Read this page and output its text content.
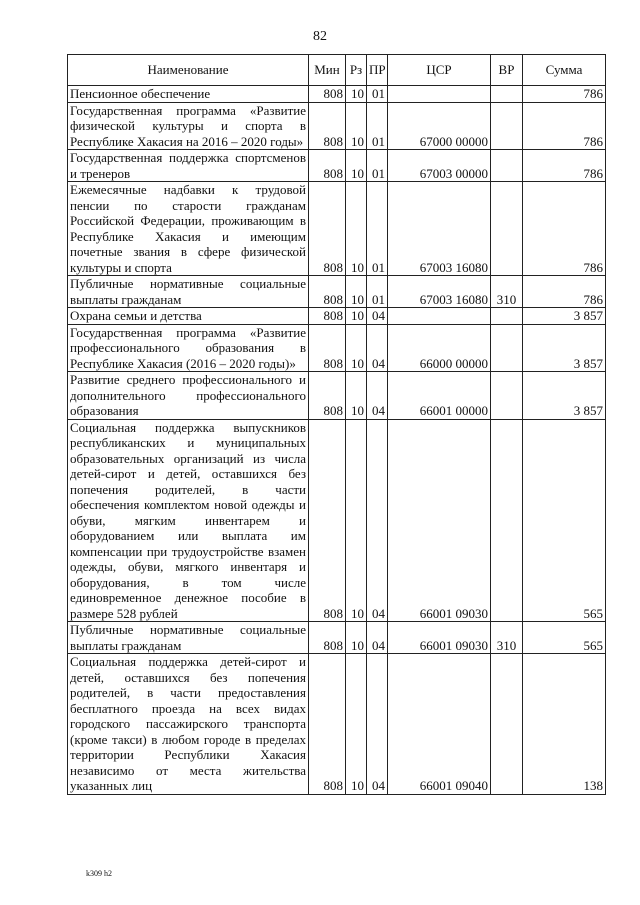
82
Наименование	Мин	Рз	ПР	ЦСР	ВР	Сумма
Пенсионное обеспечение	808	10	01			786
Государственная программа «Развитие физической культуры и спорта в Республике Хакасия на 2016 – 2020 годы»	808	10	01	67000 00000		786
Государственная поддержка спортсменов и тренеров	808	10	01	67003 00000		786
Ежемесячные надбавки к трудовой пенсии по старости гражданам Российской Федерации, проживающим в Республике Хакасия и имеющим почетные звания в сфере физической культуры и спорта	808	10	01	67003 16080		786
Публичные нормативные социальные выплаты гражданам	808	10	01	67003 16080	310	786
Охрана семьи и детства	808	10	04			3 857
Государственная программа «Развитие профессионального образования в Республике Хакасия (2016 – 2020 годы)»	808	10	04	66000 00000		3 857
Развитие среднего профессионального и дополнительного профессионального образования	808	10	04	66001 00000		3 857
Социальная поддержка выпускников республиканских и муниципальных образовательных организаций из числа детей-сирот и детей, оставшихся без попечения родителей, в части обеспечения комплектом новой одежды и обуви, мягким инвентарем и оборудованием или выплата им компенсации при трудоустройстве взамен одежды, обуви, мягкого инвентаря и оборудования, в том числе единовременное денежное пособие в размере 528 рублей	808	10	04	66001 09030		565
Публичные нормативные социальные выплаты гражданам	808	10	04	66001 09030	310	565
Социальная поддержка детей-сирот и детей, оставшихся без попечения родителей, в части предоставления бесплатного проезда на всех видах городского пассажирского транспорта (кроме такси) в любом городе в пределах территории Республики Хакасия независимо от места жительства указанных лиц	808	10	04	66001 09040		138
k309 h2
